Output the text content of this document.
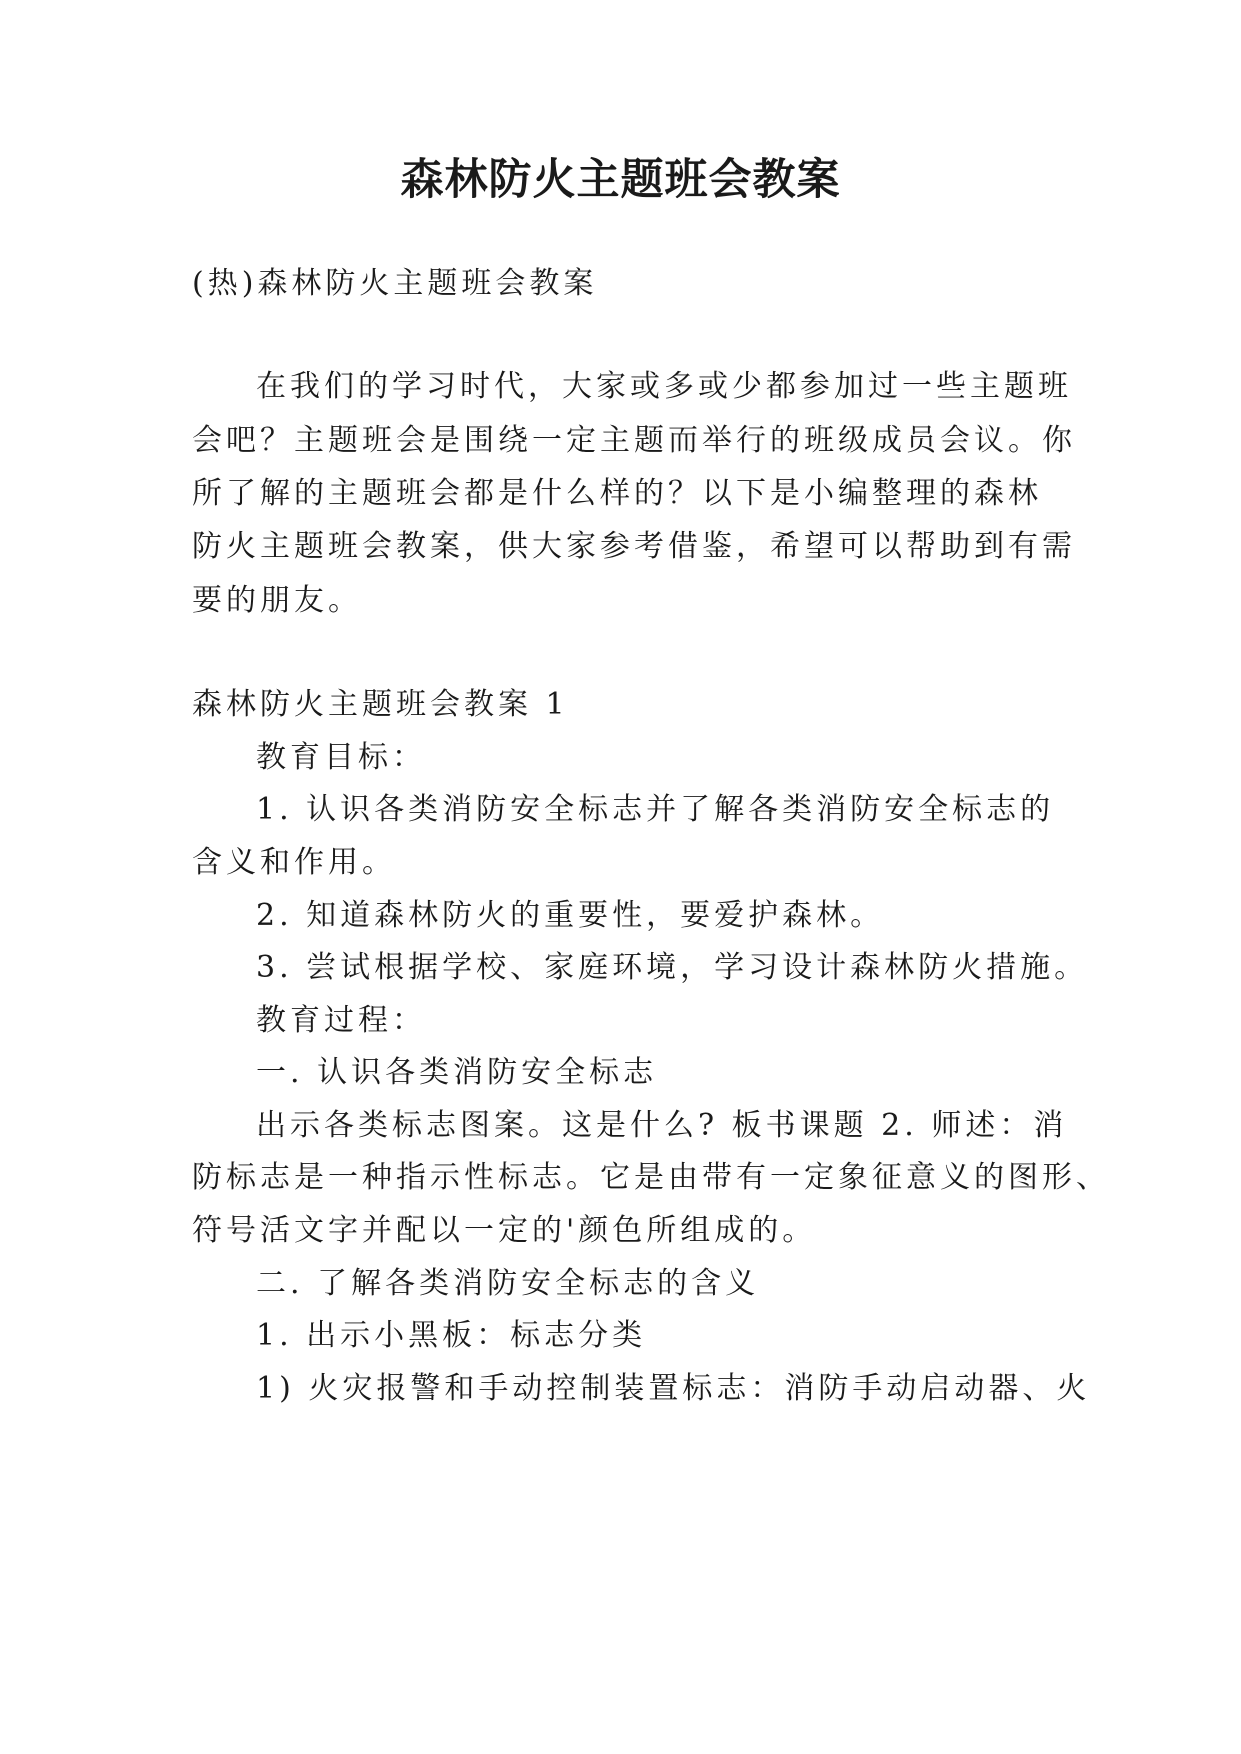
森林防火主题班会教案
(热)森林防火主题班会教案
在我们的学习时代，大家或多或少都参加过一些主题班
会吧？主题班会是围绕一定主题而举行的班级成员会议。你
所了解的主题班会都是什么样的？以下是小编整理的森林
防火主题班会教案，供大家参考借鉴，希望可以帮助到有需
要的朋友。
森林防火主题班会教案 1
教育目标：
1. 认识各类消防安全标志并了解各类消防安全标志的
含义和作用。
2. 知道森林防火的重要性，要爱护森林。
3. 尝试根据学校、家庭环境，学习设计森林防火措施。
教育过程：
一. 认识各类消防安全标志
出示各类标志图案。这是什么? 板书课题 2. 师述：消
防标志是一种指示性标志。它是由带有一定象征意义的图形、
符号活文字并配以一定的'颜色所组成的。
二. 了解各类消防安全标志的含义
1. 出示小黑板：标志分类
1) 火灾报警和手动控制装置标志：消防手动启动器、火
